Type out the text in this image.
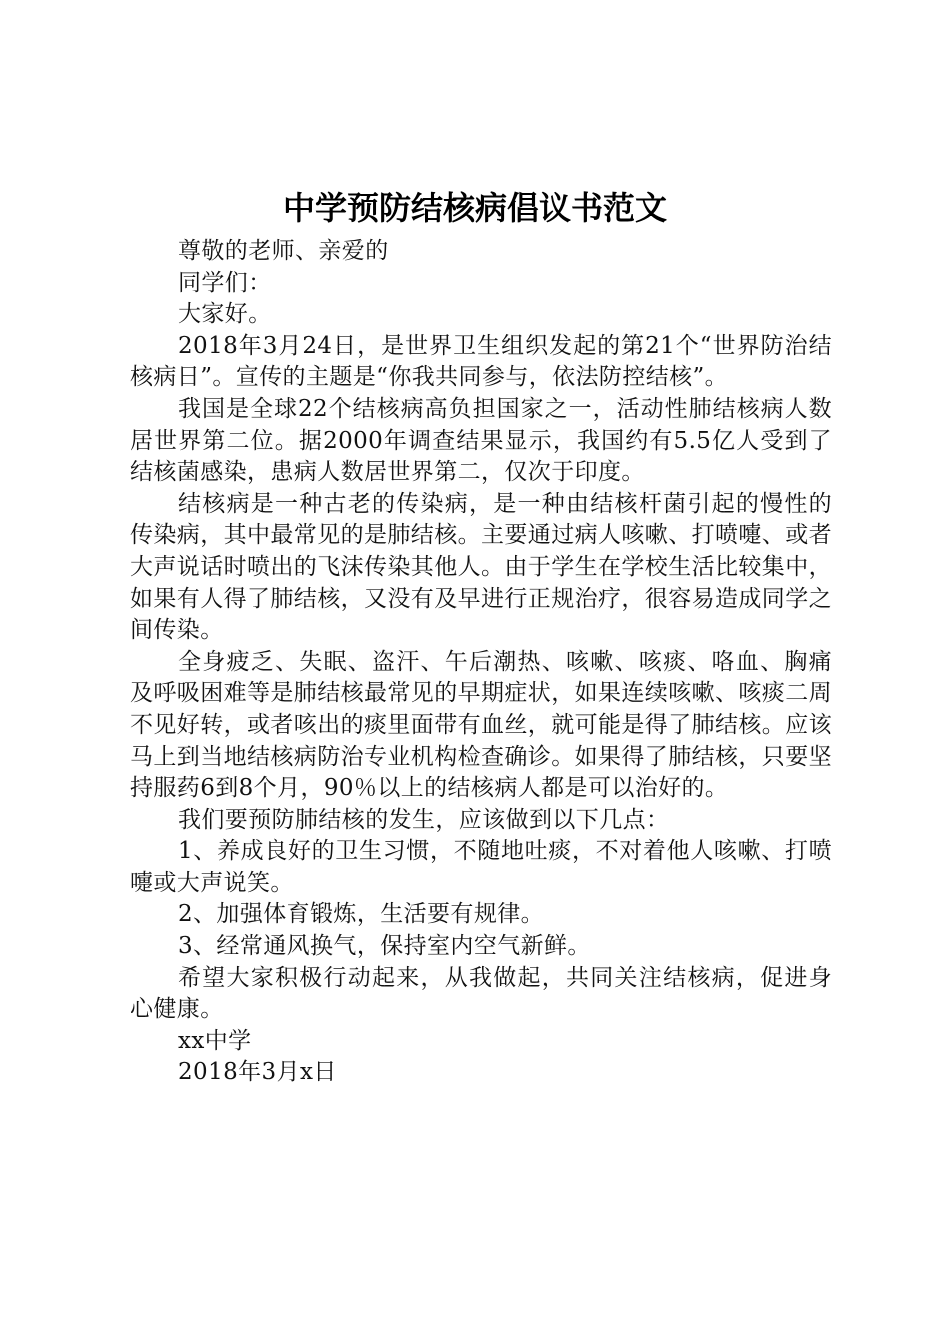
中学预防结核病倡议书范文

尊敬的老师、亲爱的

同学们：

大家好。

2018年3月24日，是世界卫生组织发起的第21个“世界防治结核病日”。宣传的主题是“你我共同参与，依法防控结核”。

我国是全球22个结核病高负担国家之一，活动性肺结核病人数居世界第二位。据2000年调查结果显示，我国约有5.5亿人受到了结核菌感染，患病人数居世界第二，仅次于印度。

结核病是一种古老的传染病，是一种由结核杆菌引起的慢性的传染病，其中最常见的是肺结核。主要通过病人咳嗽、打喷嚏、或者大声说话时喷出的飞沫传染其他人。由于学生在学校生活比较集中，如果有人得了肺结核，又没有及早进行正规治疗，很容易造成同学之间传染。

全身疲乏、失眠、盗汗、午后潮热、咳嗽、咳痰、咯血、胸痛及呼吸困难等是肺结核最常见的早期症状，如果连续咳嗽、咳痰二周不见好转，或者咳出的痰里面带有血丝，就可能是得了肺结核。应该马上到当地结核病防治专业机构检查确诊。如果得了肺结核，只要坚持服药6到8个月，90％以上的结核病人都是可以治好的。

我们要预防肺结核的发生，应该做到以下几点：

1、养成良好的卫生习惯，不随地吐痰，不对着他人咳嗽、打喷嚏或大声说笑。

2、加强体育锻炼，生活要有规律。

3、经常通风换气，保持室内空气新鲜。

希望大家积极行动起来，从我做起，共同关注结核病，促进身心健康。

xx中学

2018年3月x日
